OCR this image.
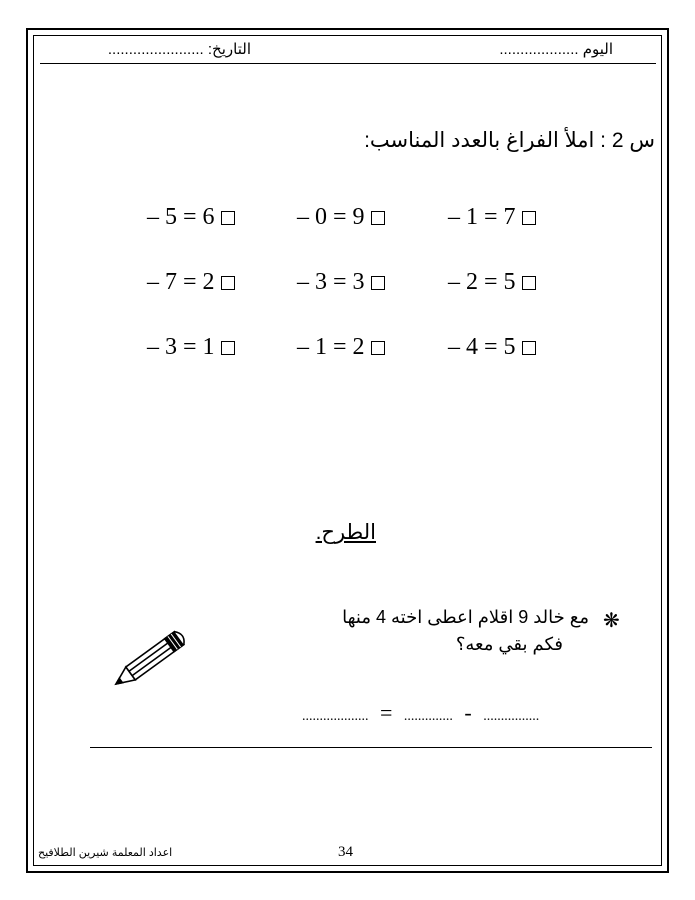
اليوم ...................
التاريخ: .......................
س 2 : املأ الفراغ بالعدد المناسب:
– 1 = 7
– 0 = 9
– 5 = 6
– 2 = 5
– 3 = 3
– 7 = 2
– 4 = 5
– 1 = 2
– 3 = 1
الطرح.
❋
مع خالد 9 اقلام اعطى اخته 4 منها
فكم بقي معه؟
................... = .............. - ................
اعداد المعلمة شيرين الطلافيح	34
